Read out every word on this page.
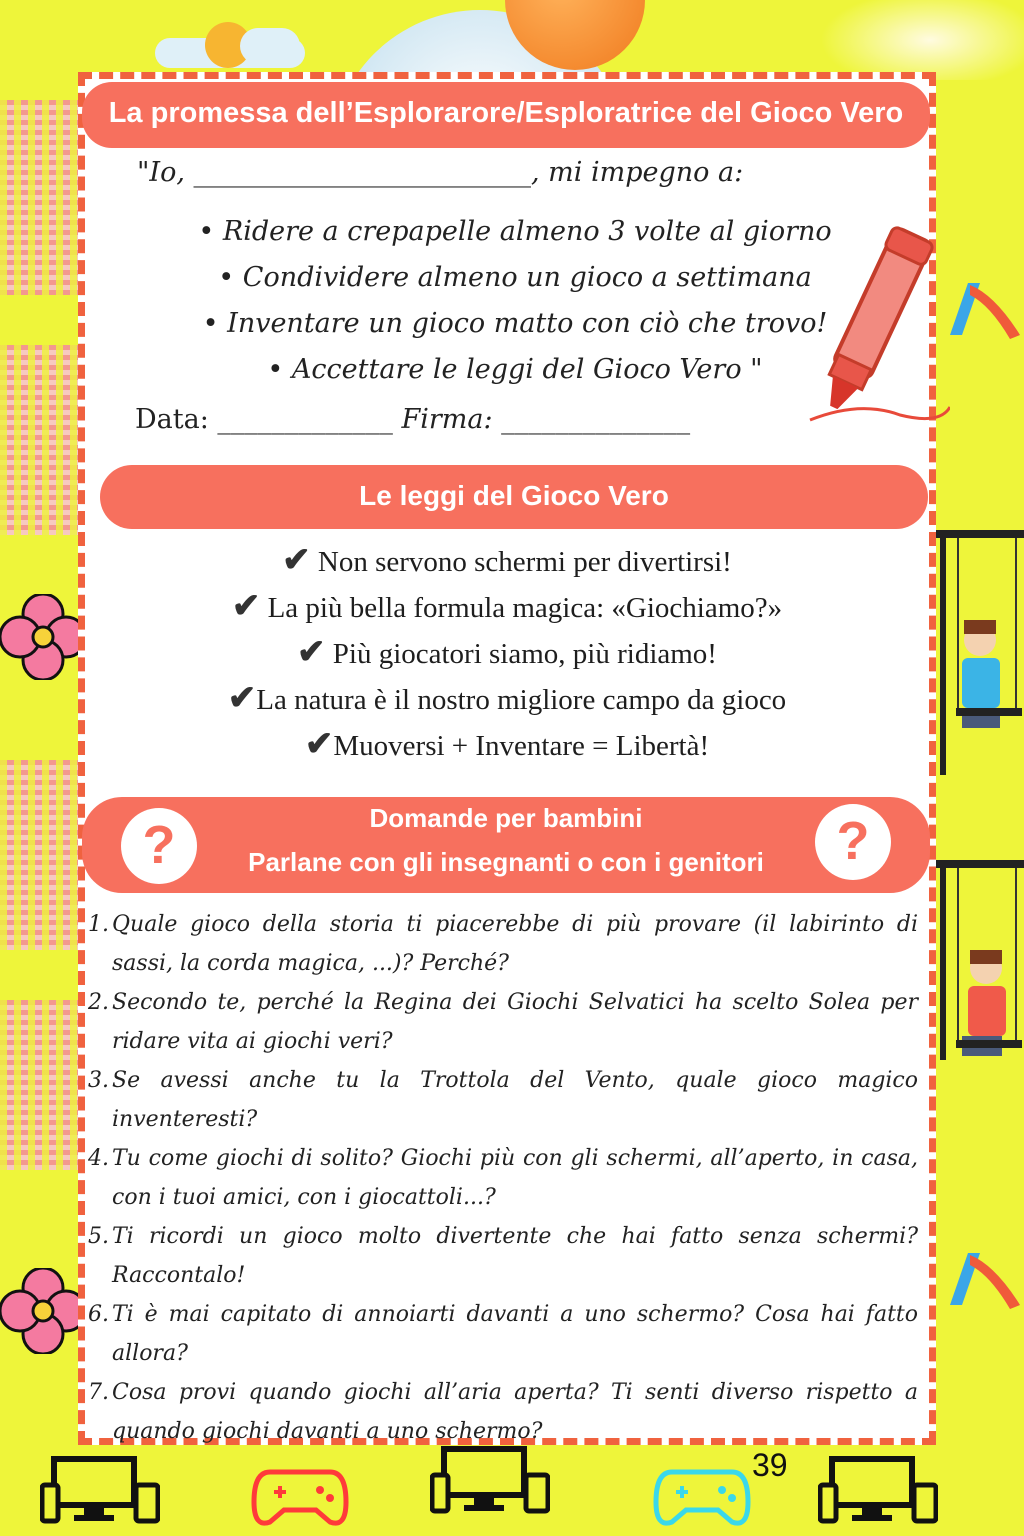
La promessa dell’Esplorarore/Esploratrice del Gioco Vero
"Io, _________________________, mi impegno a:
• Ridere a crepapelle almeno 3 volte al giorno
• Condividere almeno un gioco a settimana
• Inventare un gioco matto con ciò che trovo!
• Accettare le leggi del Gioco Vero "
Data: _____________ Firma: ______________
Le leggi del Gioco Vero
✔ Non servono schermi per divertirsi!
✔ La più bella formula magica: «Giochiamo?»
✔ Più giocatori siamo, più ridiamo!
✔La natura è il nostro migliore campo da gioco
✔Muoversi + Inventare = Libertà!
Domande per bambini
Parlane con gli insegnanti o con i genitori
?	?
1. Quale gioco della storia ti piacerebbe di più provare (il labirinto di sassi, la corda magica, ...)? Perché?
2. Secondo te, perché la Regina dei Giochi Selvatici ha scelto Solea per ridare vita ai giochi veri?
3. Se avessi anche tu la Trottola del Vento, quale gioco magico inventeresti?
4. Tu come giochi di solito? Giochi più con gli schermi, all’aperto, in casa, con i tuoi amici, con i giocattoli...?
5. Ti ricordi un gioco molto divertente che hai fatto senza schermi? Raccontalo!
6. Ti è mai capitato di annoiarti davanti a uno schermo? Cosa hai fatto allora?
7. Cosa provi quando giochi all’aria aperta? Ti senti diverso rispetto a quando giochi davanti a uno schermo?
39
